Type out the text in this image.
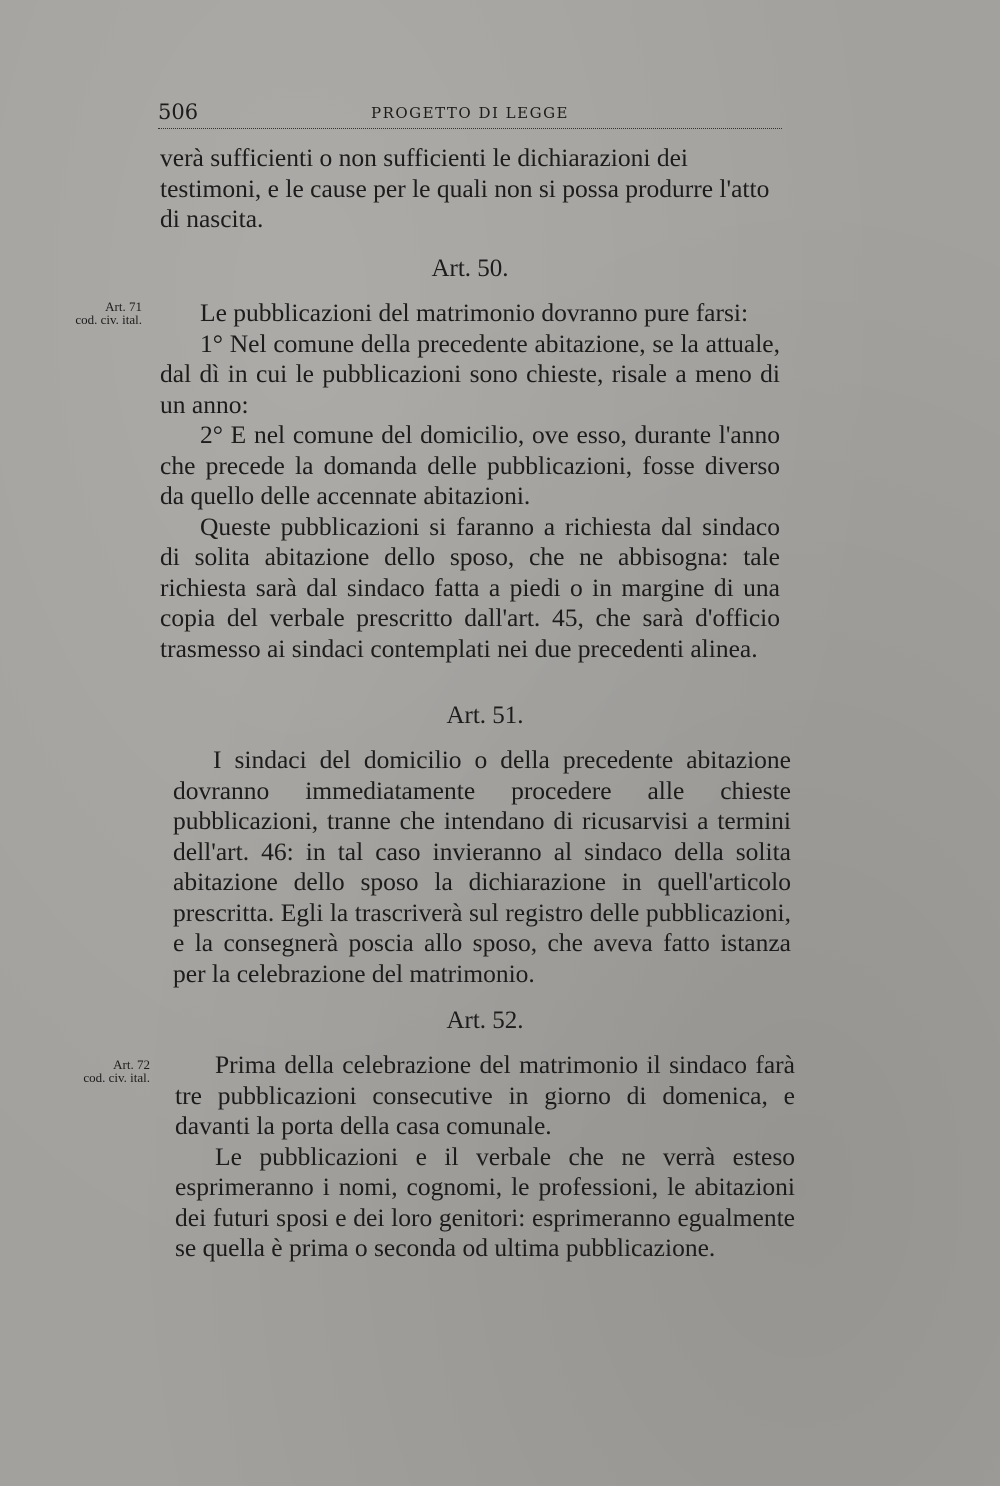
506	PROGETTO DI LEGGE

verà sufficienti o non sufficienti le dichiarazioni dei testimoni, e le cause per le quali non si possa produrre l'atto di nascita.

Art. 50.
Art. 71
cod. civ. ital.	Le pubblicazioni del matrimonio dovranno pure farsi:

1° Nel comune della precedente abitazione, se la attuale, dal dì in cui le pubblicazioni sono chieste, risale a meno di un anno:

2° E nel comune del domicilio, ove esso, durante l'anno che precede la domanda delle pubblicazioni, fosse diverso da quello delle accennate abitazioni.

Queste pubblicazioni si faranno a richiesta dal sindaco di solita abitazione dello sposo, che ne abbisogna: tale richiesta sarà dal sindaco fatta a piedi o in margine di una copia del verbale prescritto dall'art. 45, che sarà d'officio trasmesso ai sindaci contemplati nei due precedenti alinea.

Art. 51.

I sindaci del domicilio o della precedente abitazione dovranno immediatamente procedere alle chieste pubblicazioni, tranne che intendano di ricusarvisi a termini dell'art. 46: in tal caso invieranno al sindaco della solita abitazione dello sposo la dichiarazione in quell'articolo prescritta. Egli la trascriverà sul registro delle pubblicazioni, e la consegnerà poscia allo sposo, che aveva fatto istanza per la celebrazione del matrimonio.

Art. 52.
Art. 72
cod. civ. ital.	Prima della celebrazione del matrimonio il sindaco farà tre pubblicazioni consecutive in giorno di domenica, e davanti la porta della casa comunale.

Le pubblicazioni e il verbale che ne verrà esteso esprimeranno i nomi, cognomi, le professioni, le abitazioni dei futuri sposi e dei loro genitori: esprimeranno egualmente se quella è prima o seconda od ultima pubblicazione.
